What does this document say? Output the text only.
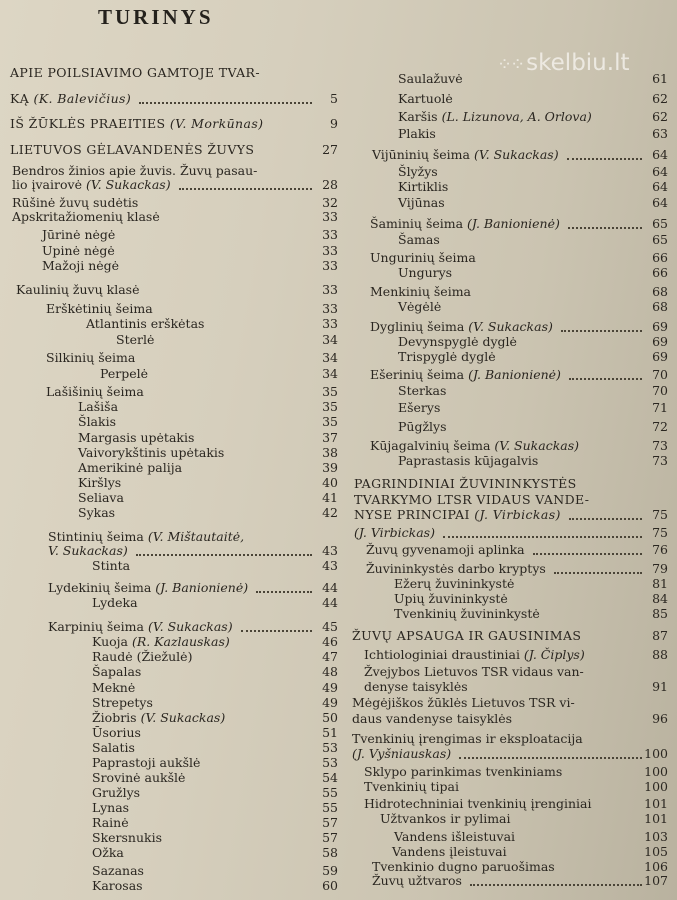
TURINYS
⁘⁘ skelbiu.lt
APIE POILSIAVIMO GAMTOJE TVAR-
KĄ (K. Balevičius)	5
IŠ ŽŪKLĖS PRAEITIES (V. Morkūnas)	9
LIETUVOS GĖLAVANDENĖS ŽUVYS	27
Bendros žinios apie žuvis. Žuvų pasau-
lio įvairovė (V. Sukackas)	28
Rūšinė žuvų sudėtis	32
Apskritažiomenių klasė	33
Jūrinė nėgė	33
Upinė nėgė	33
Mažoji nėgė	33
Kaulinių žuvų klasė	33
Erškėtinių šeima	33
Atlantinis erškėtas	33
Sterlė	34
Silkinių šeima	34
Perpelė	34
Lašišinių šeima	35
Lašiša	35
Šlakis	35
Margasis upėtakis	37
Vaivorykštinis upėtakis	38
Amerikinė palija	39
Kiršlys	40
Seliava	41
Sykas	42
Stintinių šeima (V. Mištautaitė,
V. Sukackas)	43
Stinta	43
Lydekinių šeima (J. Banionienė)	44
Lydeka	44
Karpinių šeima (V. Sukackas)	45
Kuoja (R. Kazlauskas)	46
Raudė (Žiežulė)	47
Šapalas	48
Meknė	49
Strepetys	49
Žiobris (V. Sukackas)	50
Ūsorius	51
Salatis	53
Paprastoji aukšlė	53
Srovinė aukšlė	54
Gružlys	55
Lynas	55
Rainė	57
Skersnukis	57
Ožka	58
Sazanas	59
Karosas	60
Saulažuvė	61
Kartuolė	62
Karšis (L. Lizunova, A. Orlova)	62
Plakis	63
Vijūninių šeima (V. Sukackas)	64
Šlyžys	64
Kirtiklis	64
Vijūnas	64
Šaminių šeima (J. Banionienė)	65
Šamas	65
Ungurinių šeima	66
Ungurys	66
Menkinių šeima	68
Vėgėlė	68
Dyglinių šeima (V. Sukackas)	69
Devynspyglė dyglė	69
Trispyglė dyglė	69
Ešerinių šeima (J. Banionienė)	70
Sterkas	70
Ešerys	71
Pūgžlys	72
Kūjagalvinių šeima (V. Sukackas)	73
Paprastasis kūjagalvis	73
PAGRINDINIAI ŽUVININKYSTĖS
TVARKYMO LTSR VIDAUS VANDE-
NYSE PRINCIPAI (J. Virbickas)	75
(J. Virbickas)	75
Žuvų gyvenamoji aplinka	76
Žuvininkystės darbo kryptys	79
Ežerų žuvininkystė	81
Upių žuvininkystė	84
Tvenkinių žuvininkystė	85
ŽUVŲ APSAUGA IR GAUSINIMAS	87
Ichtiologiniai draustiniai (J. Čiplys)	88
Žvejybos Lietuvos TSR vidaus van-
denyse taisyklės	91
Mėgėjiškos žūklės Lietuvos TSR vi-
daus vandenyse taisyklės	96
Tvenkinių įrengimas ir eksploatacija
(J. Vyšniauskas)	100
Sklypo parinkimas tvenkiniams	100
Tvenkinių tipai	100
Hidrotechniniai tvenkinių įrenginiai	101
Užtvankos ir pylimai	101
Vandens išleistuvai	103
Vandens įleistuvai	105
Tvenkinio dugno paruošimas	106
Žuvų užtvaros	107
